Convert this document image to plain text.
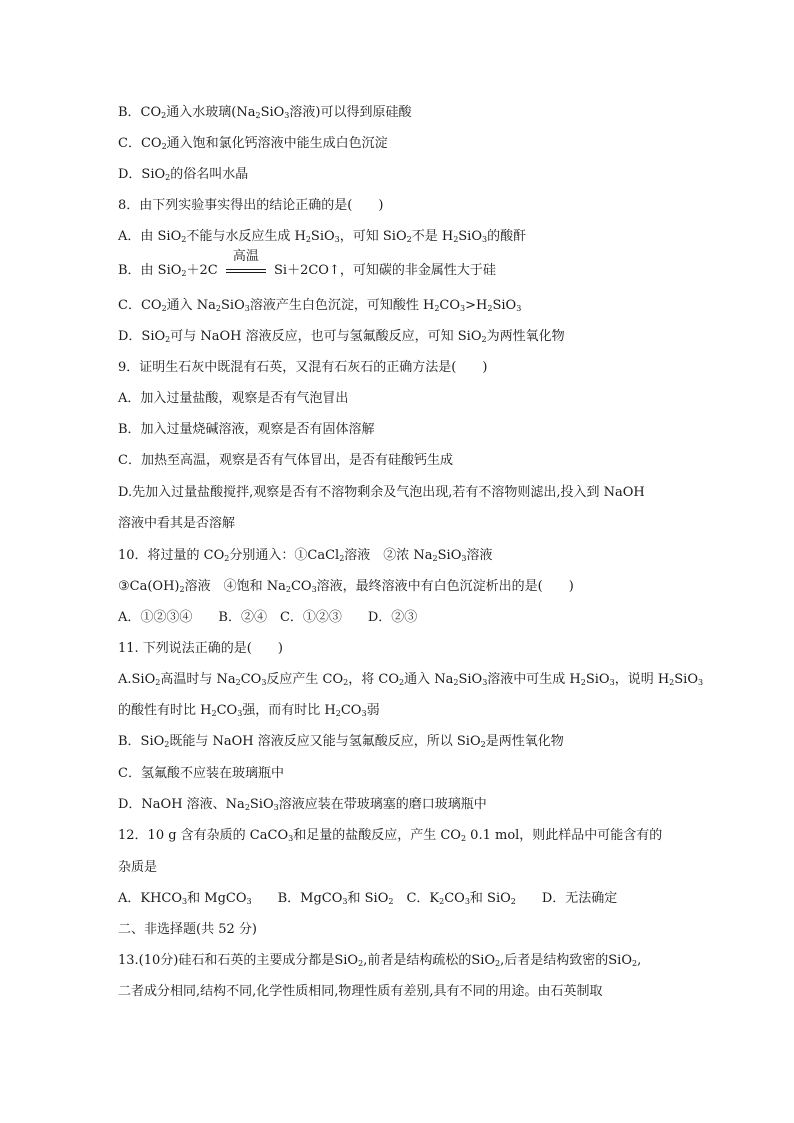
B．$CO_2$通入水玻璃($Na_2SiO_3$溶液)可以得到原硅酸
C．$CO_2$通入饱和氯化钙溶液中能生成白色沉淀
D．SiO$_2$的俗名叫水晶
8．由下列实验事实得出的结论正确的是(　　)
A．由 SiO$_2$不能与水反应生成 $H_2SiO_3$，可知 SiO$_2$不是 $H_2SiO_3$的酸酐
B．由 SiO$_2$＋2C
高温
Si＋2CO↑，可知碳的非金属性大于硅
C．$CO_2$通入 $Na_2SiO_3$溶液产生白色沉淀，可知酸性 $H_2CO_3>H_2SiO_3$
D．SiO$_2$可与 NaOH 溶液反应，也可与氢氟酸反应，可知 SiO$_2$为两性氧化物
9．证明生石灰中既混有石英，又混有石灰石的正确方法是(　　)
A．加入过量盐酸，观察是否有气泡冒出
B．加入过量烧碱溶液，观察是否有固体溶解
C．加热至高温，观察是否有气体冒出，是否有硅酸钙生成
D.先加入过量盐酸搅拌,观察是否有不溶物剩余及气泡出现,若有不溶物则滤出,投入到 NaOH
溶液中看其是否溶解
10．将过量的 $CO_2$分别通入：①CaCl$_2$溶液　②浓 $Na_2SiO_3$溶液
$③Ca(OH)_2$溶液　④饱和 $Na_2CO_3$溶液，最终溶液中有白色沉淀析出的是(　　)
A．①②③④　　B．②④　C．①②③　　D．②③
11. 下列说法正确的是(　　)
A.SiO$_2$高温时与 $Na_2CO_3$反应产生 $CO_2$，将 $CO_2$通入 $Na_2SiO_3$溶液中可生成 $H_2SiO_3$，说明 $H_2SiO_3$
的酸性有时比 $H_2CO_3$强，而有时比 $H_2CO_3$弱
B．SiO$_2$既能与 NaOH 溶液反应又能与氢氟酸反应，所以 SiO$_2$是两性氧化物
C．氢氟酸不应装在玻璃瓶中
D．NaOH 溶液、$Na_2SiO_3$溶液应装在带玻璃塞的磨口玻璃瓶中
12．10 g 含有杂质的 CaCO$_3$和足量的盐酸反应，产生 $CO_2$ 0.1 mol，则此样品中可能含有的
杂质是
A．$KHCO_3$和 MgCO$_3$　　B．MgCO$_3$和 SiO$_2$　C．$K_2CO_3$和 SiO$_2$　　D．无法确定
二、非选择题(共 52 分)
13.(10分)硅石和石英的主要成分都是SiO$_2$,前者是结构疏松的SiO$_2$,后者是结构致密的SiO$_2$,
二者成分相同,结构不同,化学性质相同,物理性质有差别,具有不同的用途。由石英制取
